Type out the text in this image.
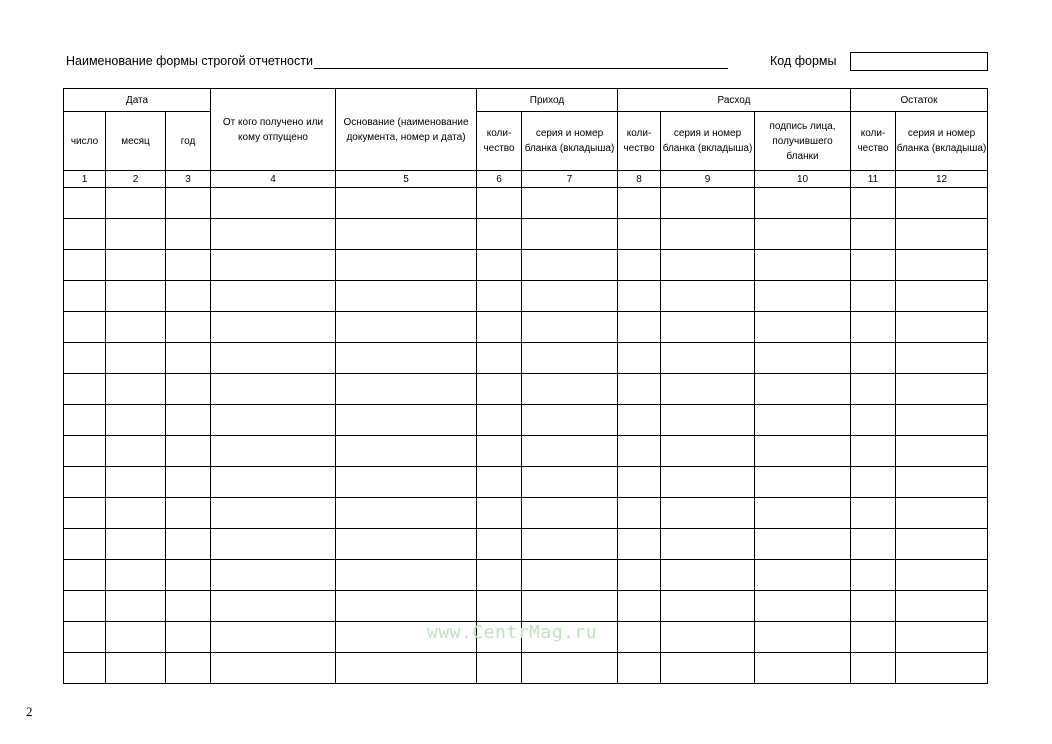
Наименование формы строгой отчетности	Код формы
Дата			От кого получено или кому отпущено	Основание (наименование документа, номер и дата)	Приход		Расход			Остаток	
число	месяц	год			коли-чество	серия и номер бланка (вкладыша)	коли-чество	серия и номер бланка (вкладыша)	подпись лица, получившего бланки	коли-чество	серия и номер бланка (вкладыша)
1	2	3	4	5	6	7	8	9	10	11	12

www.CentrMag.ru
2
